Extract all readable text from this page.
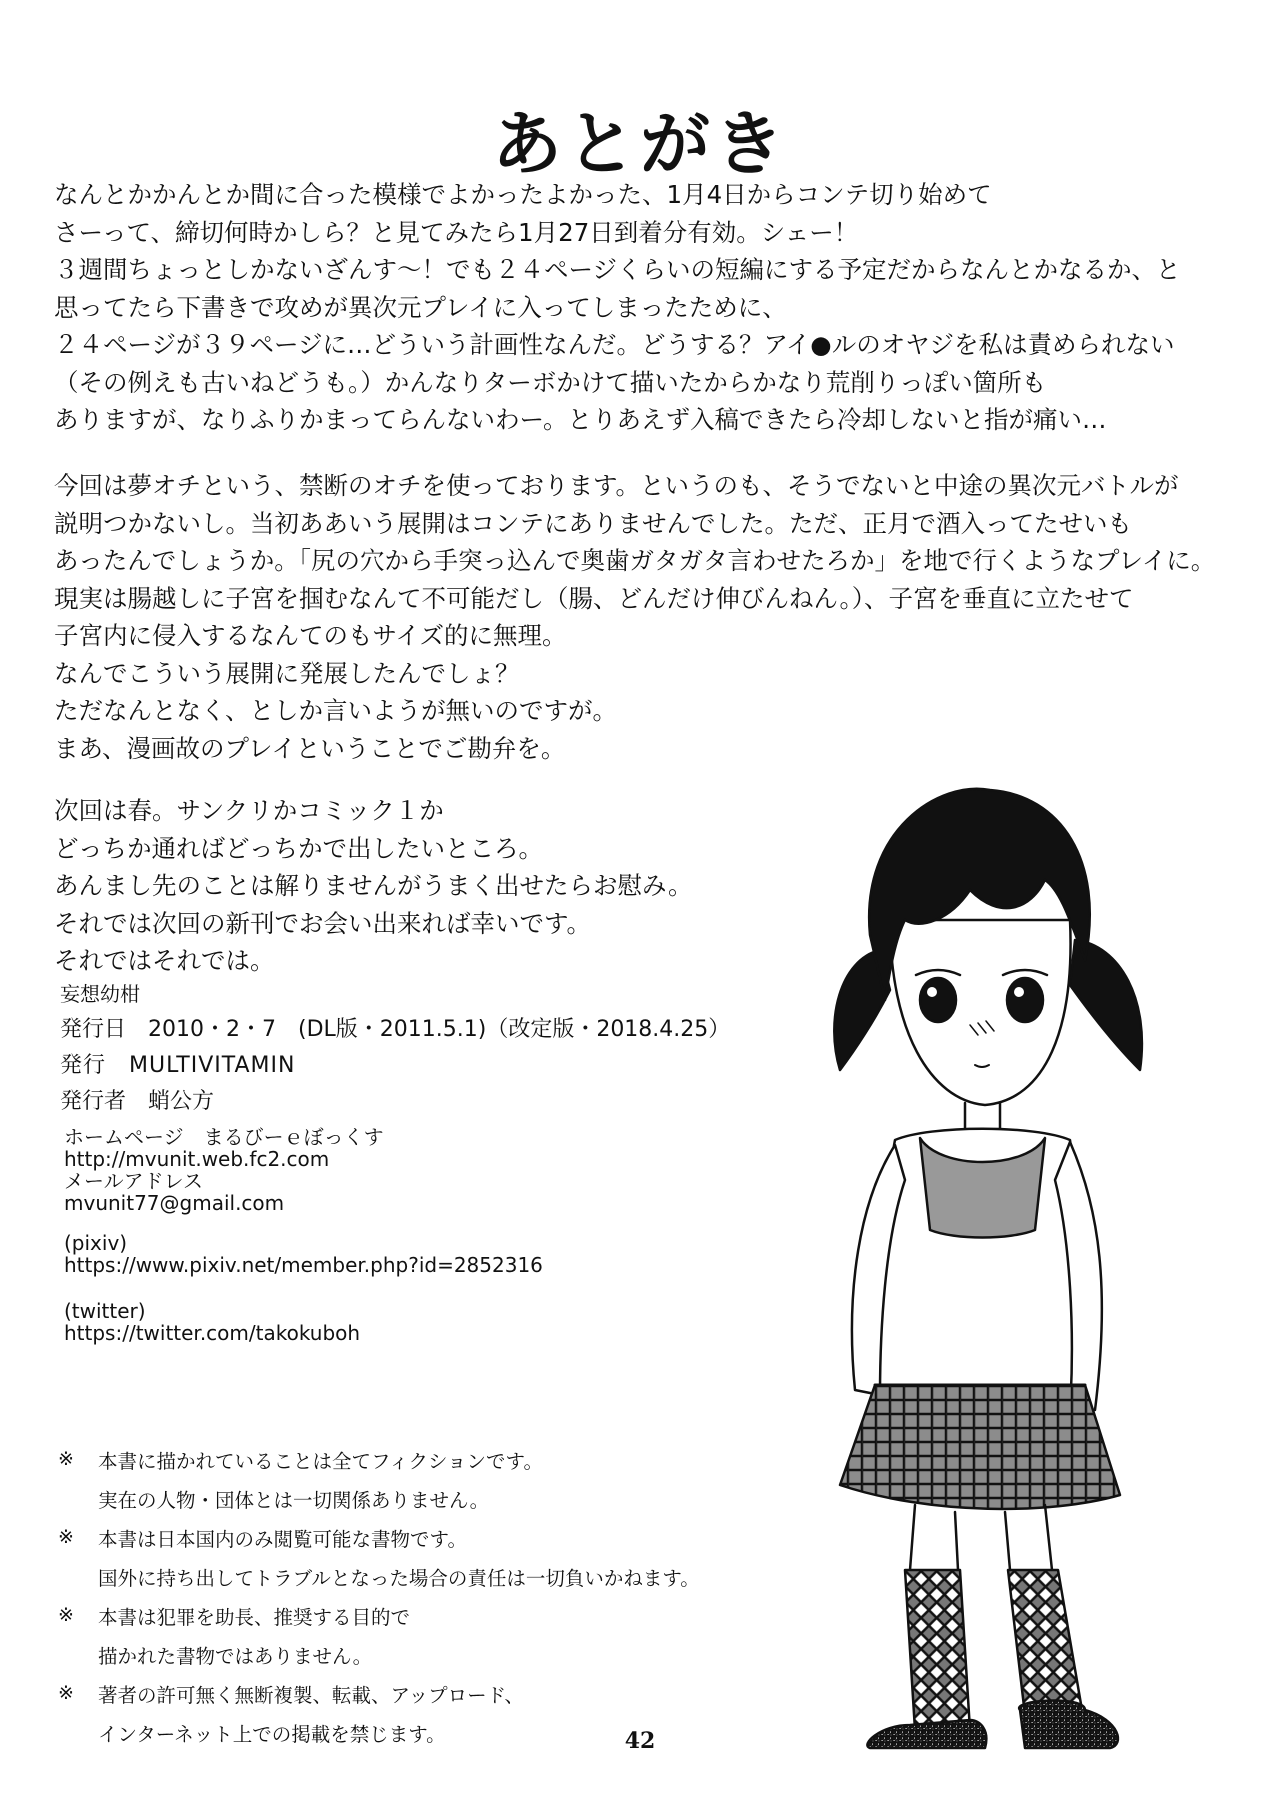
あとがき
なんとかかんとか間に合った模様でよかったよかった、1月4日からコンテ切り始めて
さーって、締切何時かしら？と見てみたら1月27日到着分有効。シェー！
３週間ちょっとしかないざんす～！でも２４ページくらいの短編にする予定だからなんとかなるか、と
思ってたら下書きで攻めが異次元プレイに入ってしまったために、
２４ページが３９ページに…どういう計画性なんだ。どうする？アイ●ルのオヤジを私は責められない
（その例えも古いねどうも。）かんなりターボかけて描いたからかなり荒削りっぽい箇所も
ありますが、なりふりかまってらんないわー。とりあえず入稿できたら冷却しないと指が痛い…
今回は夢オチという、禁断のオチを使っております。というのも、そうでないと中途の異次元バトルが
説明つかないし。当初ああいう展開はコンテにありませんでした。ただ、正月で酒入ってたせいも
あったんでしょうか。「尻の穴から手突っ込んで奥歯ガタガタ言わせたろか」を地で行くようなプレイに。
現実は腸越しに子宮を掴むなんて不可能だし（腸、どんだけ伸びんねん。）、子宮を垂直に立たせて
子宮内に侵入するなんてのもサイズ的に無理。
なんでこういう展開に発展したんでしょ？
ただなんとなく、としか言いようが無いのですが。
まあ、漫画故のプレイということでご勘弁を。
次回は春。サンクリかコミック１か
どっちか通ればどっちかで出したいところ。
あんまし先のことは解りませんがうまく出せたらお慰み。
それでは次回の新刊でお会い出来れば幸いです。
それではそれでは。
妄想幼柑
発行日　2010・2・7　(DL版・2011.5.1)（改定版・2018.4.25）
発行　MULTIVITAMIN
発行者　蛸公方
ホームページ　まるびーｅぼっくす
http://mvunit.web.fc2.com
メールアドレス
mvunit77@gmail.com
(pixiv)
https://www.pixiv.net/member.php?id=2852316
(twitter)
https://twitter.com/takokuboh
※ 本書に描かれていることは全てフィクションです。
実在の人物・団体とは一切関係ありません。
※ 本書は日本国内のみ閲覧可能な書物です。
国外に持ち出してトラブルとなった場合の責任は一切負いかねます。
※ 本書は犯罪を助長、推奨する目的で
描かれた書物ではありません。
※ 著者の許可無く無断複製、転載、アップロード、
インターネット上での掲載を禁じます。	42
